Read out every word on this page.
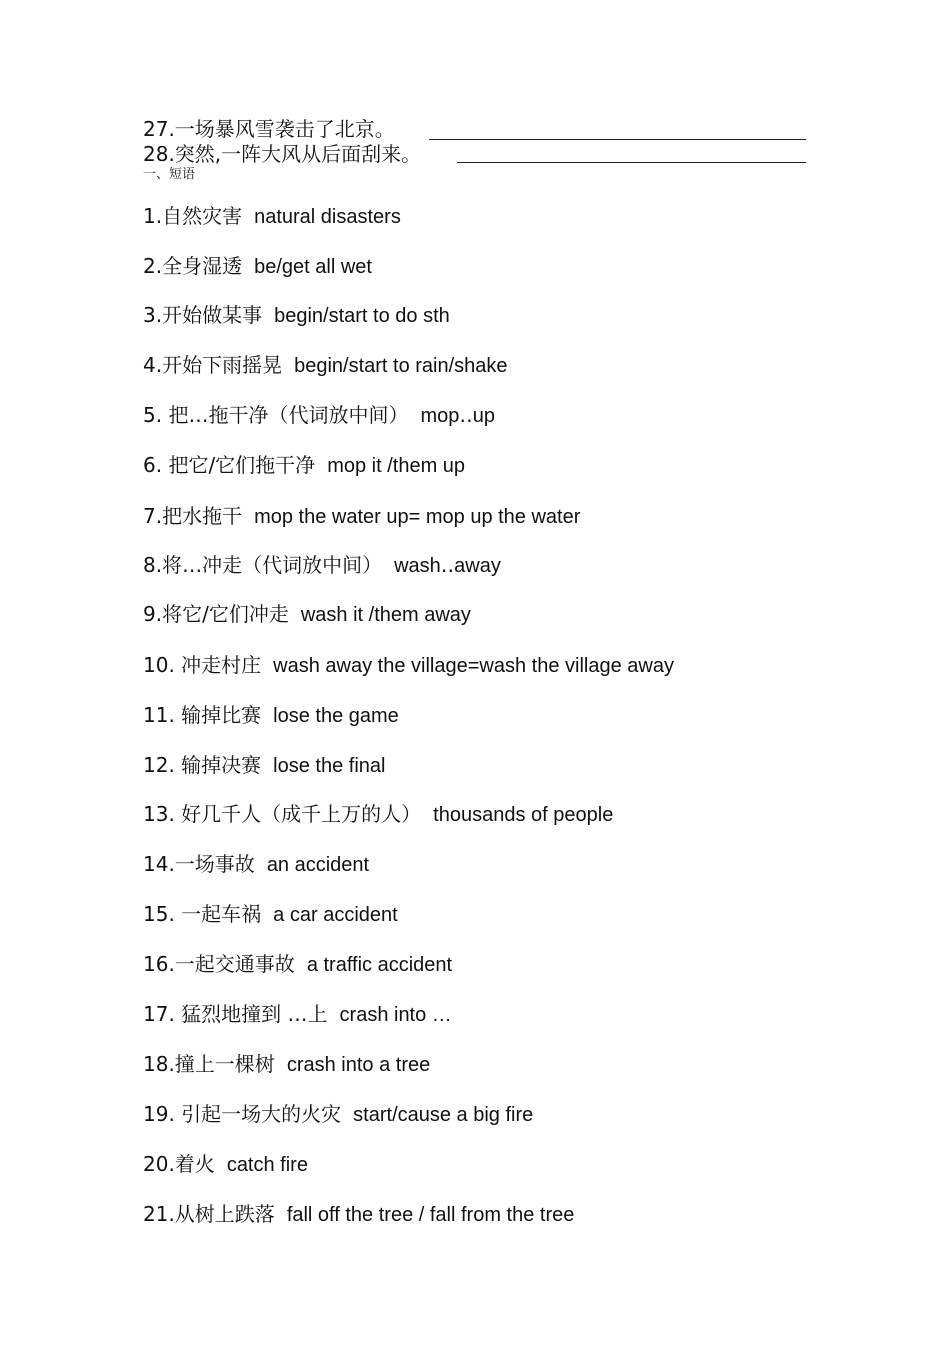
27.一场暴风雪袭击了北京。
28.突然,一阵大风从后面刮来。
一、短语
1.自然灾害 natural disasters
2.全身湿透 be/get all wet
3.开始做某事 begin/start to do sth
4.开始下雨摇晃 begin/start to rain/shake
5. 把…拖干净（代词放中间） mop‥up
6. 把它/它们拖干净 mop it /them up
7.把水拖干 mop the water up= mop up the water
8.将…冲走（代词放中间） wash‥away
9.将它/它们冲走 wash it /them away
10. 冲走村庄 wash away the village=wash the village away
11. 输掉比赛 lose the game
12. 输掉决赛 lose the final
13. 好几千人（成千上万的人） thousands of people
14.一场事故 an accident
15. 一起车祸 a car accident
16.一起交通事故 a traffic accident
17. 猛烈地撞到 …上 crash into …
18.撞上一棵树 crash into a tree
19. 引起一场大的火灾 start/cause a big fire
20.着火 catch fire
21.从树上跌落 fall off the tree / fall from the tree
